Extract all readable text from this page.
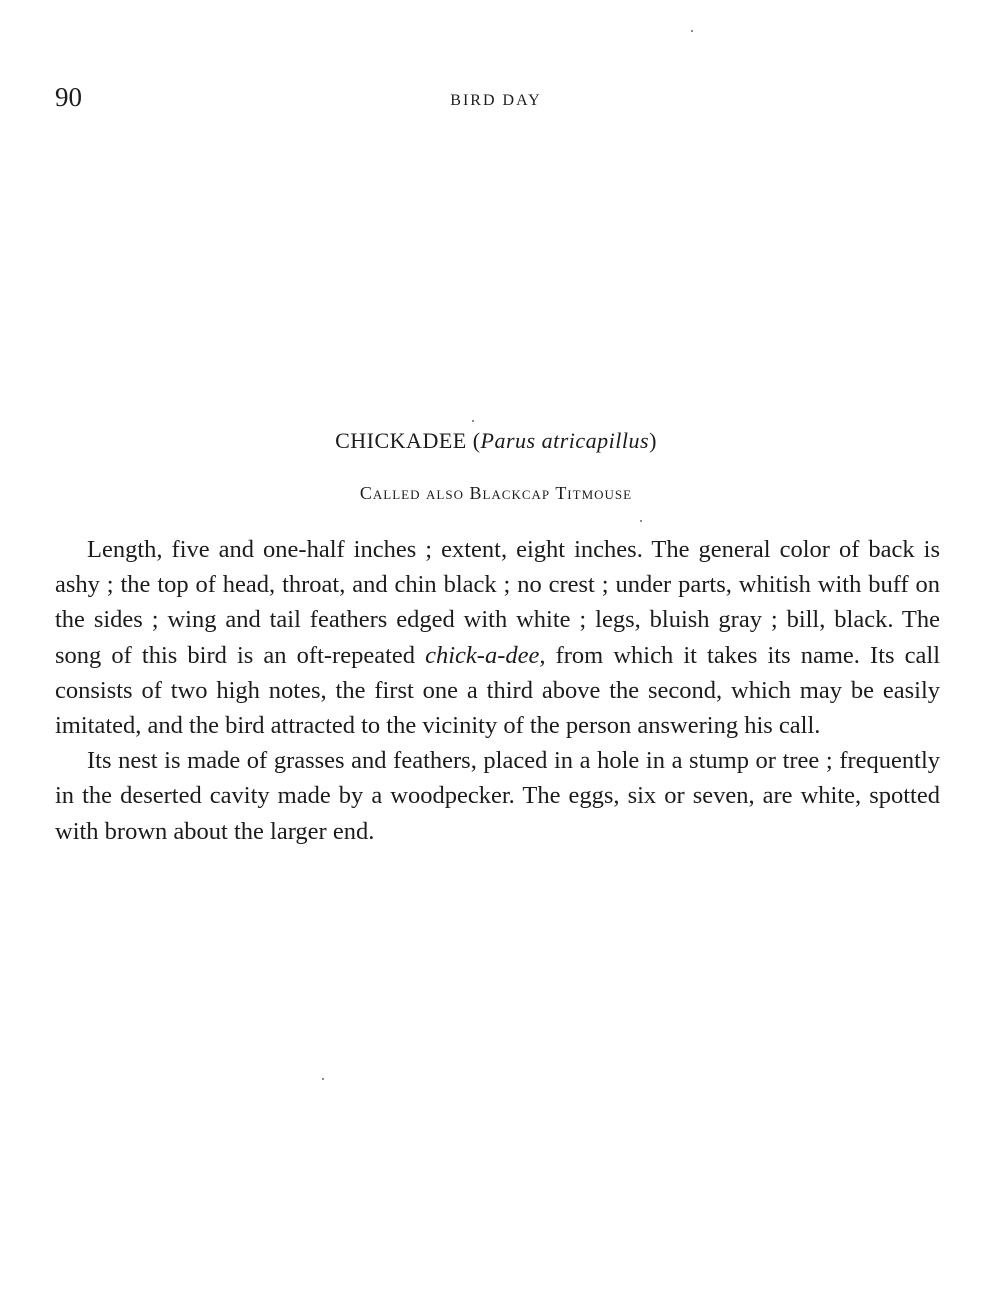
90	BIRD DAY
CHICKADEE (Parus atricapillus)
Called also Blackcap Titmouse

Length, five and one-half inches ; extent, eight inches. The general color of back is ashy ; the top of head, throat, and chin black ; no crest ; under parts, whitish with buff on the sides ; wing and tail feathers edged with white ; legs, bluish gray ; bill, black. The song of this bird is an oft-repeated chick-a-dee, from which it takes its name. Its call consists of two high notes, the first one a third above the second, which may be easily imitated, and the bird attracted to the vicinity of the person answering his call.

Its nest is made of grasses and feathers, placed in a hole in a stump or tree ; frequently in the deserted cavity made by a woodpecker. The eggs, six or seven, are white, spotted with brown about the larger end.
